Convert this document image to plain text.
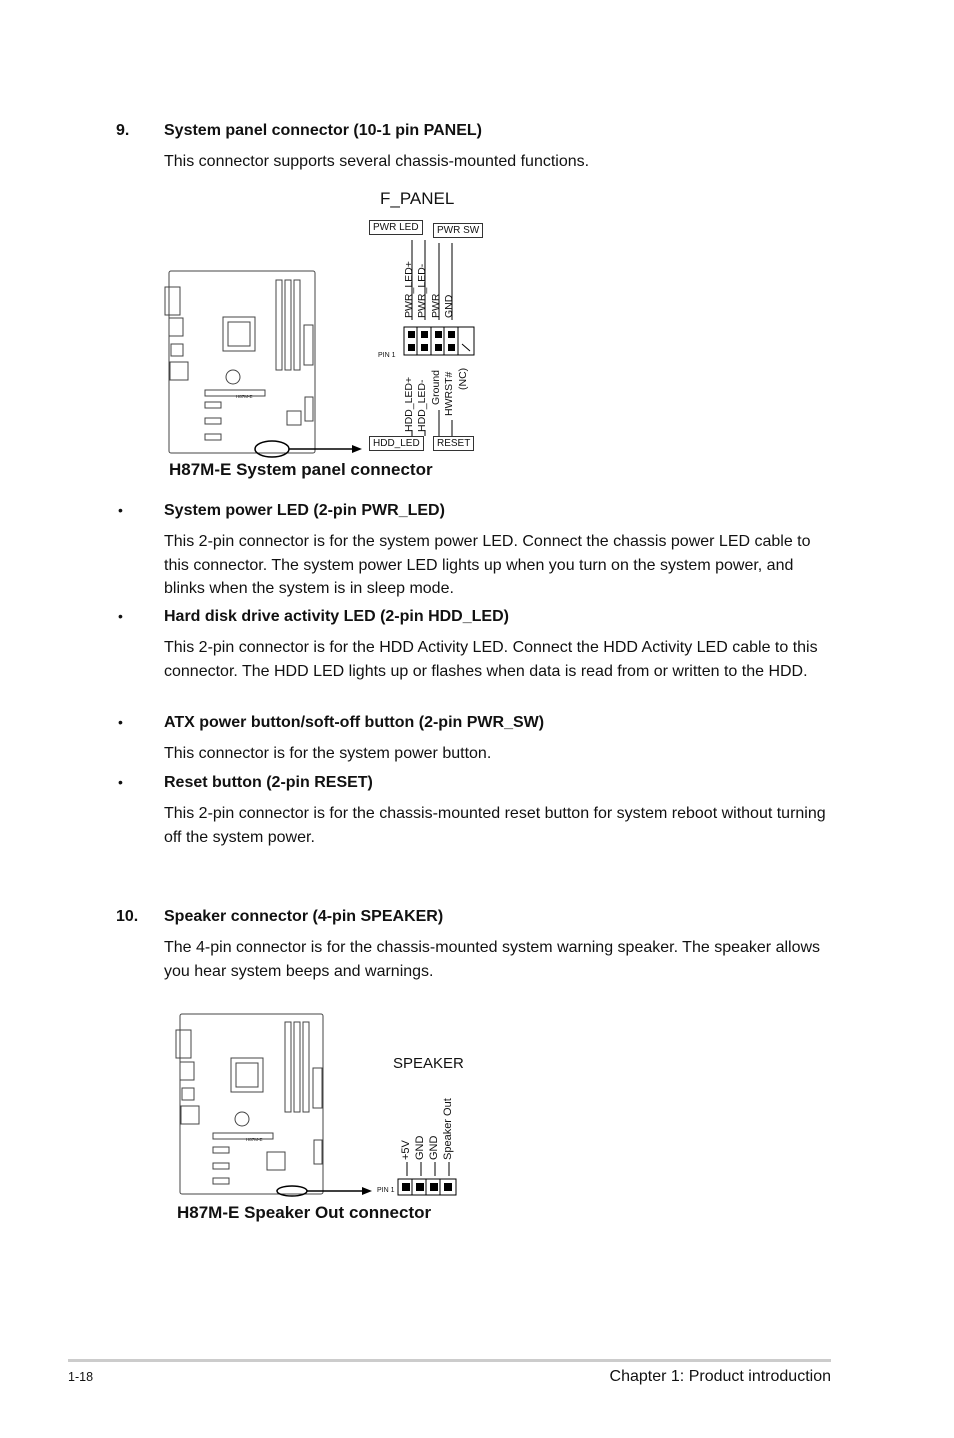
9. System panel connector (10-1 pin PANEL)
This connector supports several chassis-mounted functions.
F_PANEL
PWR LED	PWR SW
PWR_LED+ PWR_LED- PWR GND
PIN 1
HDD_LED+ HDD_LED- Ground HWRST# (NC)
HDD_LED	RESET
H87M-E
H87M-E System panel connector
•	System power LED (2-pin PWR_LED)
This 2-pin connector is for the system power LED. Connect the chassis power LED cable to this connector. The system power LED lights up when you turn on the system power, and blinks when the system is in sleep mode.
•	Hard disk drive activity LED (2-pin HDD_LED)
This 2-pin connector is for the HDD Activity LED. Connect the HDD Activity LED cable to this connector. The HDD LED lights up or flashes when data is read from or written to the HDD.
•	ATX power button/soft-off button (2-pin PWR_SW)
This connector is for the system power button.
•	Reset button (2-pin RESET)
This 2-pin connector is for the chassis-mounted reset button for system reboot without turning off the system power.
10. Speaker connector (4-pin SPEAKER)
The 4-pin connector is for the chassis-mounted system warning speaker. The speaker allows you hear system beeps and warnings.
SPEAKER
+5V GND GND Speaker Out
PIN 1
H87M-E
H87M-E Speaker Out connector
1-18	Chapter 1: Product introduction
